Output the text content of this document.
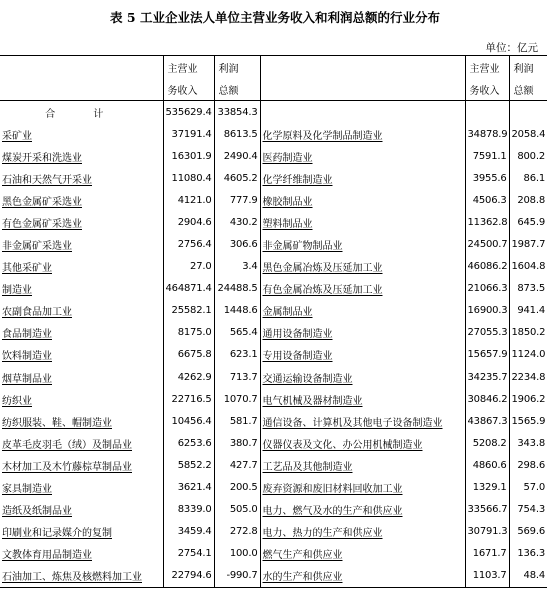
表 5 工业企业法人单位主营业务收入和利润总额的行业分布
单位：亿元
	主营业	利润		主营业	利润
	务收入	总额		务收入	总额
合　计	535629.4	33854.3			
采矿业	37191.4	8613.5	化学原料及化学制品制造业	34878.9	2058.4
煤炭开采和洗选业	16301.9	2490.4	医药制造业	7591.1	800.2
石油和天然气开采业	11080.4	4605.2	化学纤维制造业	3955.6	86.1
黑色金属矿采选业	4121.0	777.9	橡胶制品业	4506.3	208.8
有色金属矿采选业	2904.6	430.2	塑料制品业	11362.8	645.9
非金属矿采选业	2756.4	306.6	非金属矿物制品业	24500.7	1987.7
其他采矿业	27.0	3.4	黑色金属冶炼及压延加工业	46086.2	1604.8
制造业	464871.4	24488.5	有色金属冶炼及压延加工业	21066.3	873.5
农副食品加工业	25582.1	1448.6	金属制品业	16900.3	941.4
食品制造业	8175.0	565.4	通用设备制造业	27055.3	1850.2
饮料制造业	6675.8	623.1	专用设备制造业	15657.9	1124.0
烟草制品业	4262.9	713.7	交通运输设备制造业	34235.7	2234.8
纺织业	22716.5	1070.7	电气机械及器材制造业	30846.2	1906.2
纺织服装、鞋、帽制造业	10456.4	581.7	通信设备、计算机及其他电子设备制造业	43867.3	1565.9
皮革毛皮羽毛（绒）及制品业	6253.6	380.7	仪器仪表及文化、办公用机械制造业	5208.2	343.8
木材加工及木竹藤棕草制品业	5852.2	427.7	工艺品及其他制造业	4860.6	298.6
家具制造业	3621.4	200.5	废弃资源和废旧材料回收加工业	1329.1	57.0
造纸及纸制品业	8339.0	505.0	电力、燃气及水的生产和供应业	33566.7	754.3
印刷业和记录媒介的复制	3459.4	272.8	电力、热力的生产和供应业	30791.3	569.6
文教体育用品制造业	2754.1	100.0	燃气生产和供应业	1671.7	136.3
石油加工、炼焦及核燃料加工业	22794.6	-990.7	水的生产和供应业	1103.7	48.4
